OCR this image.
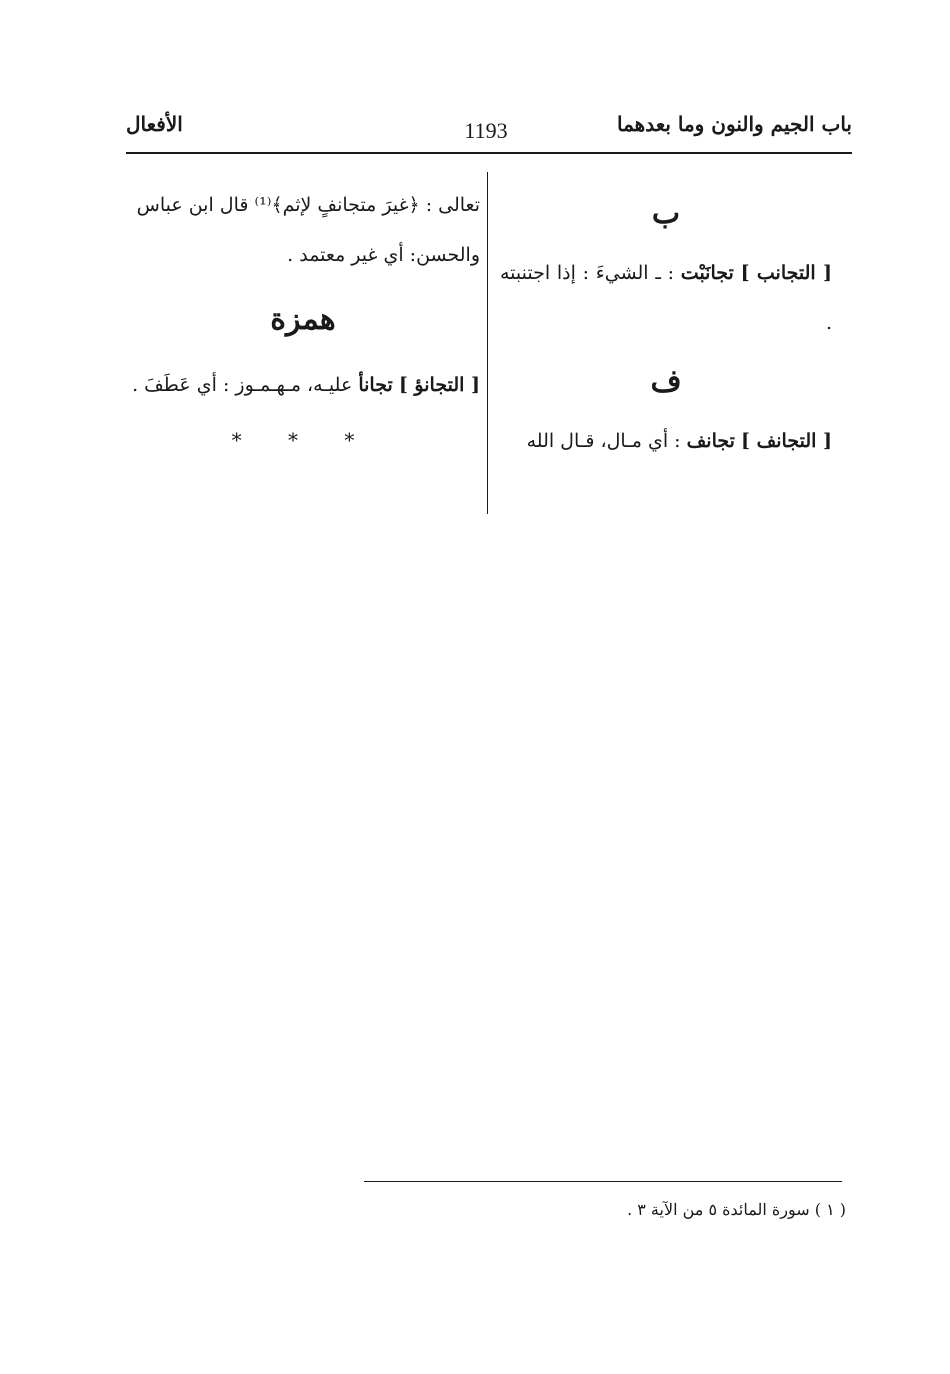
باب الجيم والنون وما بعدهما
1193
الأفعال

ب

[ التجانب ] تجانَبْت : ـ الشيءَ : إذا اجتنبته .

ف

[ التجانف ] تجانف : أي مـال، قـال الله

تعالى : ﴿غيرَ متجانفٍ لإثم﴾⁽¹⁾ قال ابن عباس والحسن: أي غير معتمد .

همزة

[ التجانؤ ] تجانأ عليـه، مـهـمـوز : أي عَطَفَ .

* * *

( ١ ) سورة المائدة ٥ من الآية ٣ .
